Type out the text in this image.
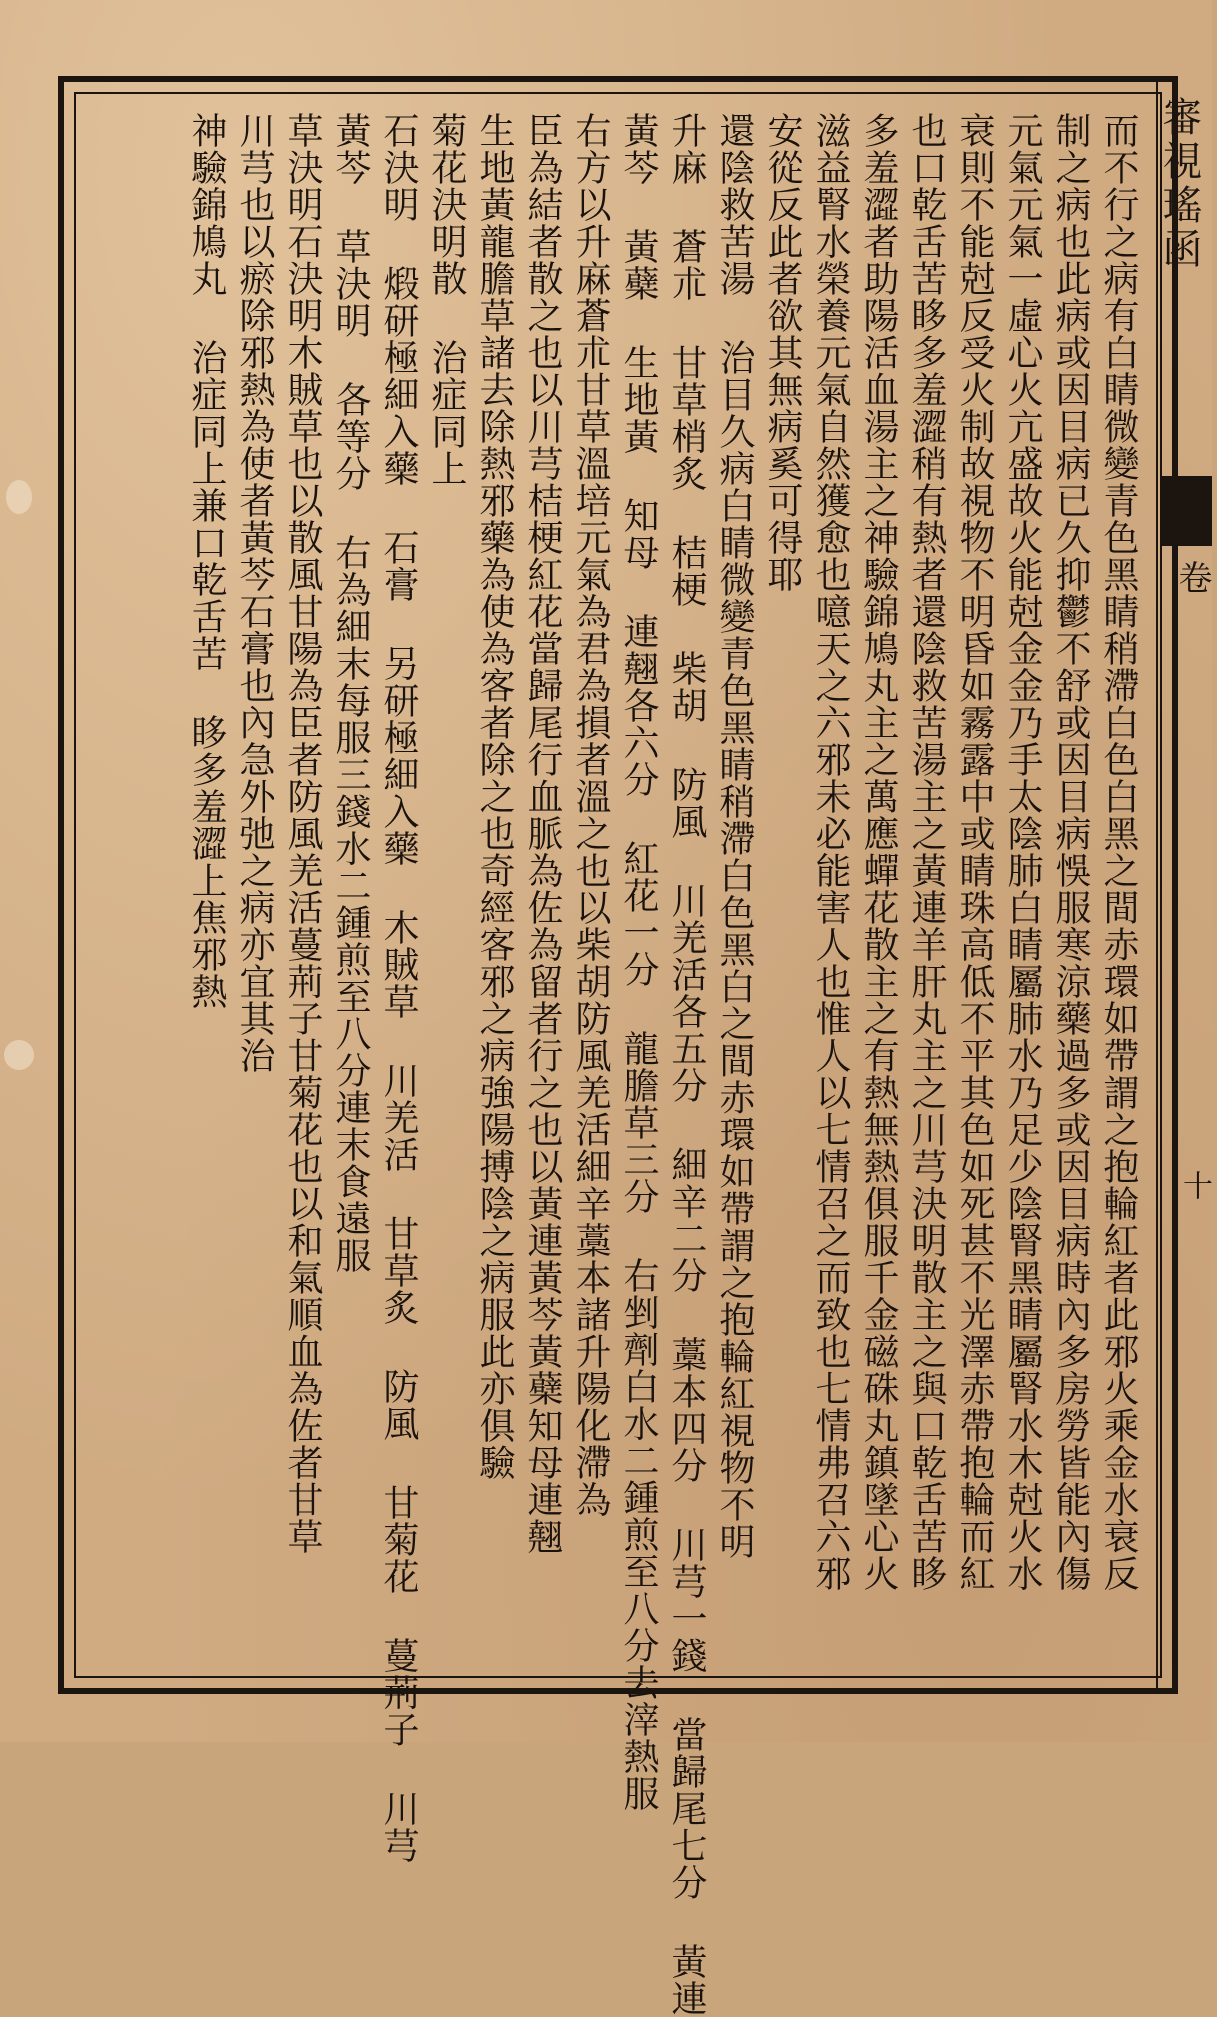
審視瑤函
卷
十
而不行之病有白睛微變青色黑睛稍滯白色白黑之間赤環如帶謂之抱輪紅者此邪火乘金水衰反
制之病也此病或因目病已久抑鬱不舒或因目病悞服寒涼藥過多或因目病時內多房勞皆能內傷
元氣元氣一虛心火亢盛故火能尅金金乃手太陰肺白睛屬肺水乃足少陰腎黑睛屬腎水木尅火水
衰則不能尅反受火制故視物不明昏如霧露中或睛珠高低不平其色如死甚不光澤赤帶抱輪而紅
也口乾舌苦眵多羞澀稍有熱者還陰救苦湯主之黃連羊肝丸主之川芎決明散主之與口乾舌苦眵
多羞澀者助陽活血湯主之神驗錦鳩丸主之萬應蟬花散主之有熱無熱俱服千金磁硃丸鎮墜心火
滋益腎水榮養元氣自然獲愈也噫天之六邪未必能害人也惟人以七情召之而致也七情弗召六邪
安從反此者欲其無病奚可得耶
還陰救苦湯 治目久病白睛微變青色黑睛稍滯白色黑白之間赤環如帶謂之抱輪紅視物不明
升麻 蒼朮 甘草梢炙 桔梗 柴胡 防風 川羌活各五分 細辛二分 藁本四分 川芎一錢 當歸尾七分 黃連
黃芩 黃蘗 生地黃 知母 連翹各六分 紅花一分 龍膽草三分 右剉劑白水二鍾煎至八分去滓熱服
右方以升麻蒼朮甘草溫培元氣為君為損者溫之也以柴胡防風羌活細辛藁本諸升陽化滯為
臣為結者散之也以川芎桔梗紅花當歸尾行血脈為佐為留者行之也以黃連黃芩黃蘗知母連翹
生地黃龍膽草諸去除熱邪藥為使為客者除之也奇經客邪之病強陽搏陰之病服此亦俱驗
菊花決明散 治症同上
石決明 煅研極細入藥 石膏 另研極細入藥 木賊草 川羌活 甘草炙 防風 甘菊花 蔓荊子 川芎
黃芩 草決明 各等分 右為細末每服三錢水二鍾煎至八分連末食遠服
草決明石決明木賊草也以散風甘陽為臣者防風羌活蔓荊子甘菊花也以和氣順血為佐者甘草
川芎也以瘀除邪熱為使者黃芩石膏也內急外弛之病亦宜其治
神驗錦鳩丸 治症同上兼口乾舌苦 眵多羞澀上焦邪熱
